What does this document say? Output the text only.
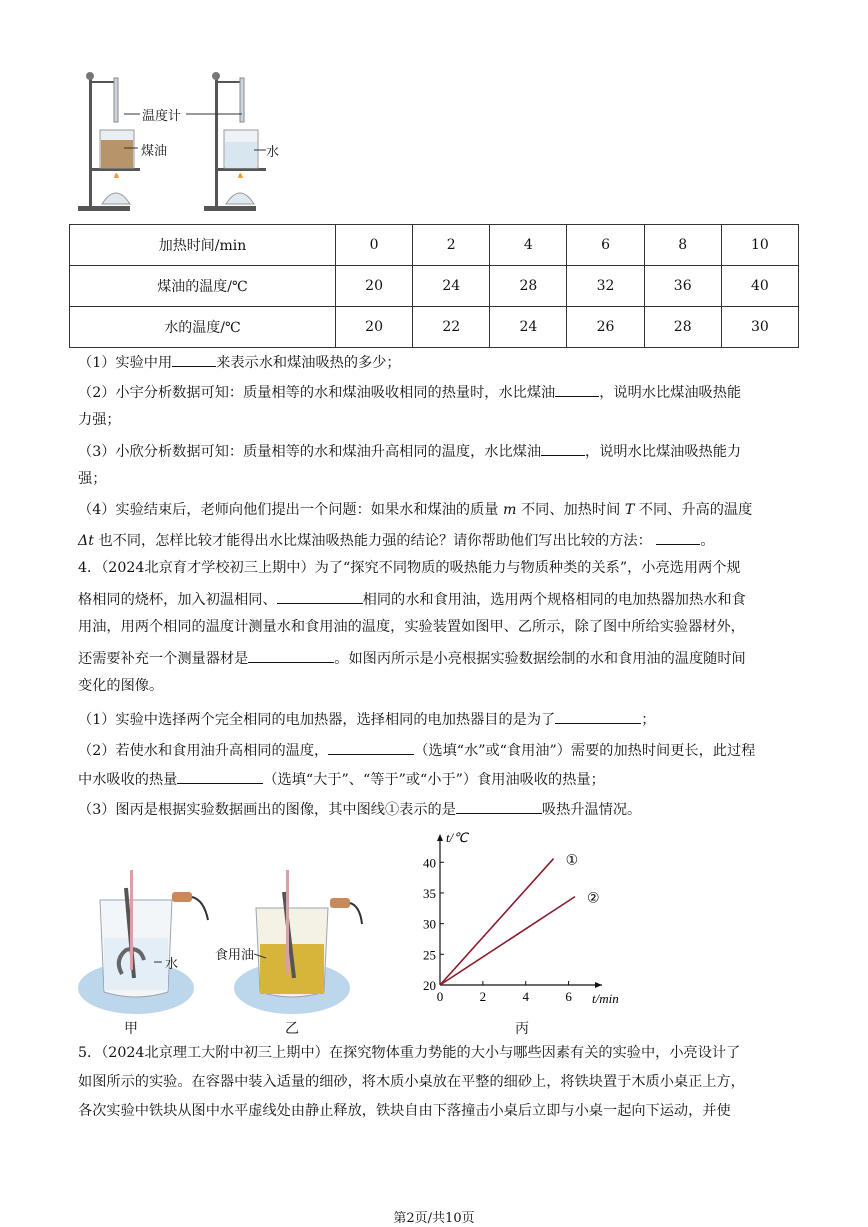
温度计
煤油	水
加热时间/min	0	2	4	6	8	10
煤油的温度/℃	20	24	28	32	36	40
水的温度/℃	20	22	24	26	28	30
（1）实验中用	来表示水和煤油吸热的多少；
（2）小宇分析数据可知：质量相等的水和煤油吸收相同的热量时，水比煤油	，说明水比煤油吸热能
力强；
（3）小欣分析数据可知：质量相等的水和煤油升高相同的温度，水比煤油	，说明水比煤油吸热能力
强；
（4）实验结束后，老师向他们提出一个问题：如果水和煤油的质量 m 不同、加热时间 T 不同、升高的温度
Δt 也不同，怎样比较才能得出水比煤油吸热能力强的结论？请你帮助他们写出比较的方法：	。
4．（2024北京育才学校初三上期中）为了“探究不同物质的吸热能力与物质种类的关系”，小亮选用两个规
格相同的烧杯，加入初温相同、	相同的水和食用油，选用两个规格相同的电加热器加热水和食
用油，用两个相同的温度计测量水和食用油的温度，实验装置如图甲、乙所示，除了图中所给实验器材外，
还需要补充一个测量器材是	。如图丙所示是小亮根据实验数据绘制的水和食用油的温度随时间
变化的图像。
（1）实验中选择两个完全相同的电加热器，选择相同的电加热器目的是为了	；
（2）若使水和食用油升高相同的温度，	（选填“水”或“食用油”）需要的加热时间更长，此过程
中水吸收的热量	（选填“大于”、“等于”或“小于”）食用油吸收的热量；
（3）图丙是根据实验数据画出的图像，其中图线①表示的是	吸热升温情况。
水
食用油
甲	乙	丙
0	2	4	6
20
25
30
35
40
t/℃
t/min
①
②
5．（2024北京理工大附中初三上期中）在探究物体重力势能的大小与哪些因素有关的实验中，小亮设计了
如图所示的实验。在容器中装入适量的细砂，将木质小桌放在平整的细砂上，将铁块置于木质小桌正上方，
各次实验中铁块从图中水平虚线处由静止释放，铁块自由下落撞击小桌后立即与小桌一起向下运动，并使
第2页/共10页
